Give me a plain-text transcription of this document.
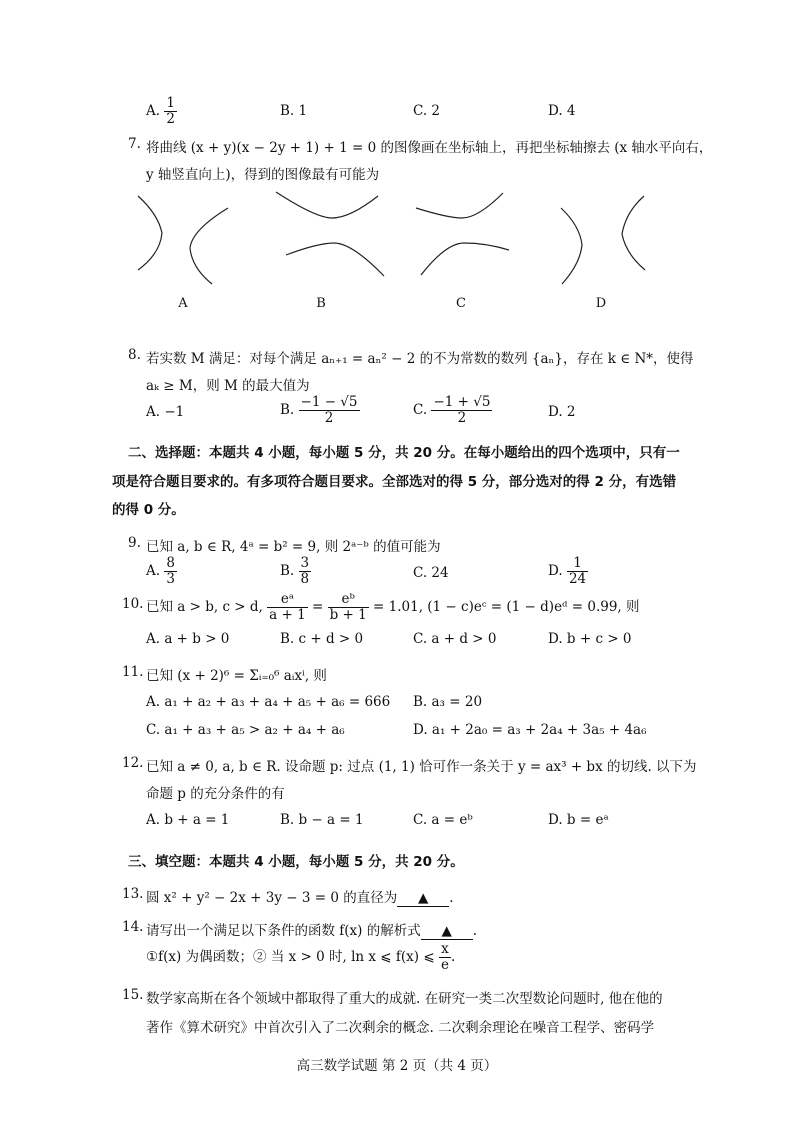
A. $\frac{1}{2}$	B. 1	C. 2	D. 4
7. 将曲线 (x + y)(x − 2y + 1) + 1 = 0 的图像画在坐标轴上，再把坐标轴擦去 (x 轴水平向右，
y 轴竖直向上)，得到的图像最有可能为
A	B	C	D
8. 若实数 M 满足：对每个满足 aₙ₊₁ = aₙ² − 2 的不为常数的数列 {aₙ}，存在 k ∈ N*，使得
aₖ ≥ M，则 M 的最大值为
A. −1	B. $\frac{-1 - √5}{2}$	C. $\frac{-1 + √5}{2}$	D. 2
二、选择题：本题共 4 小题，每小题 5 分，共 20 分。在每小题给出的四个选项中，只有一
项是符合题目要求的。有多项符合题目要求。全部选对的得 5 分，部分选对的得 2 分，有选错
的得 0 分。
9. 已知 a, b ∈ R, 4ᵃ = b² = 9, 则 2ᵃ⁻ᵇ 的值可能为
A. $\frac{8}{3}$	B. $\frac{3}{8}$	C. 24	D. $\frac{1}{24}$
10. 已知 a > b, c > d, $\frac{\text{eᵃ}}{a + 1} = \frac{\text{eᵇ}}{b + 1} = 1.01$, (1 − c)eᶜ = (1 − d)eᵈ = 0.99, 则
A. a + b > 0	B. c + d > 0	C. a + d > 0	D. b + c > 0
11. 已知 (x + 2)⁶ = Σᵢ₌₀⁶ aᵢxⁱ, 则
A. a₁ + a₂ + a₃ + a₄ + a₅ + a₆ = 666 B. a₃ = 20
C. a₁ + a₃ + a₅ > a₂ + a₄ + a₆	D. a₁ + 2a₀ = a₃ + 2a₄ + 3a₅ + 4a₆
12. 已知 a ≠ 0, a, b ∈ R. 设命题 p: 过点 (1, 1) 恰可作一条关于 y = ax³ + bx 的切线. 以下为
命题 p 的充分条件的有
A. b + a = 1	B. b − a = 1	C. a = eᵇ	D. b = eᵃ
三、填空题：本题共 4 小题，每小题 5 分，共 20 分。
13. 圆 x² + y² − 2x + 3y − 3 = 0 的直径为 ▲ .
14. 请写出一个满足以下条件的函数 f(x) 的解析式 ▲ .
①f(x) 为偶函数；② 当 x > 0 时, ln x ⩽ f(x) ⩽ $\frac{x}{e}$ .
15. 数学家高斯在各个领域中都取得了重大的成就. 在研究一类二次型数论问题时, 他在他的
著作《算术研究》中首次引入了二次剩余的概念. 二次剩余理论在噪音工程学、密码学
高三数学试题 第 2 页（共 4 页）
